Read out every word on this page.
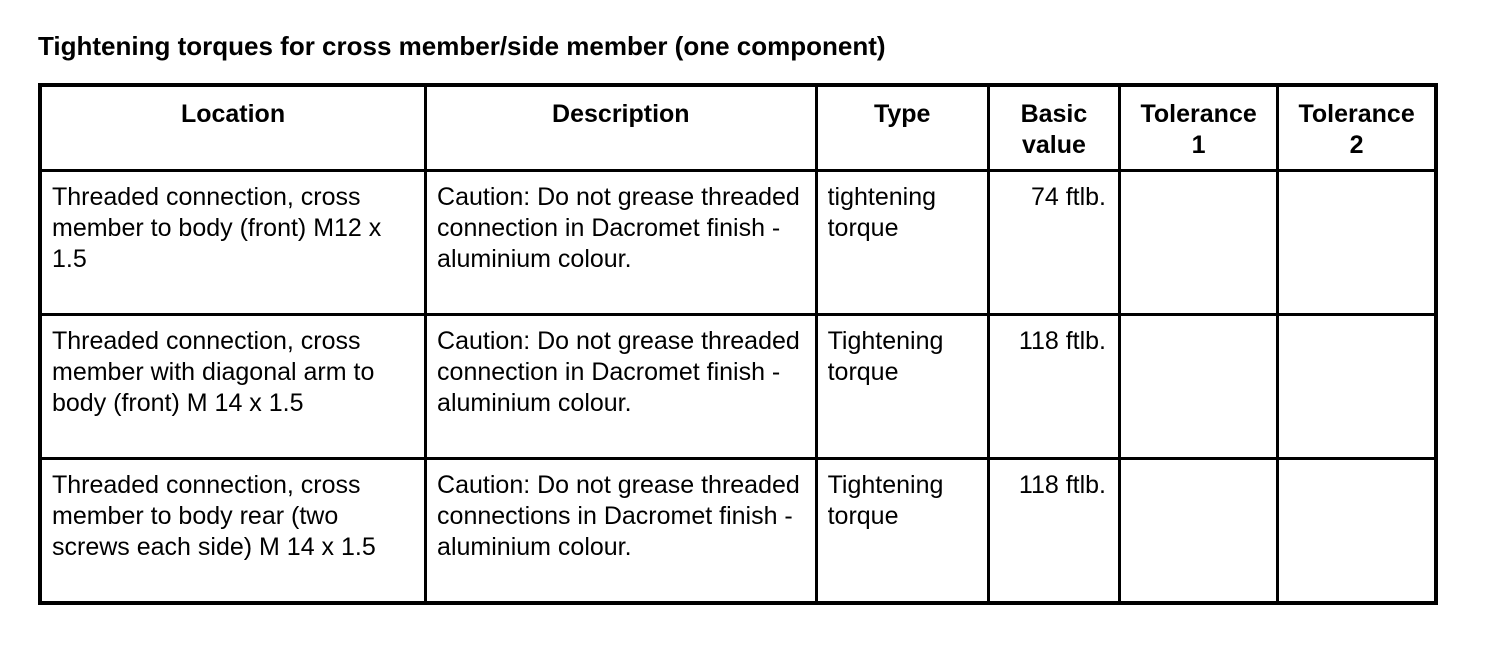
Tightening torques for cross member/side member (one component)
Location	Description	Type	Basic value	Tolerance 1	Tolerance 2
Threaded connection, cross member to body (front) M12 x 1.5	Caution: Do not grease threaded connection in Dacromet finish - aluminium colour.	tightening torque	74 ftlb.		
Threaded connection, cross member with diagonal arm to body (front) M 14 x 1.5	Caution: Do not grease threaded connection in Dacromet finish - aluminium colour.	Tightening torque	118 ftlb.		
Threaded connection, cross member to body rear (two screws each side) M 14 x 1.5	Caution: Do not grease threaded connections in Dacromet finish - aluminium colour.	Tightening torque	118 ftlb.		
